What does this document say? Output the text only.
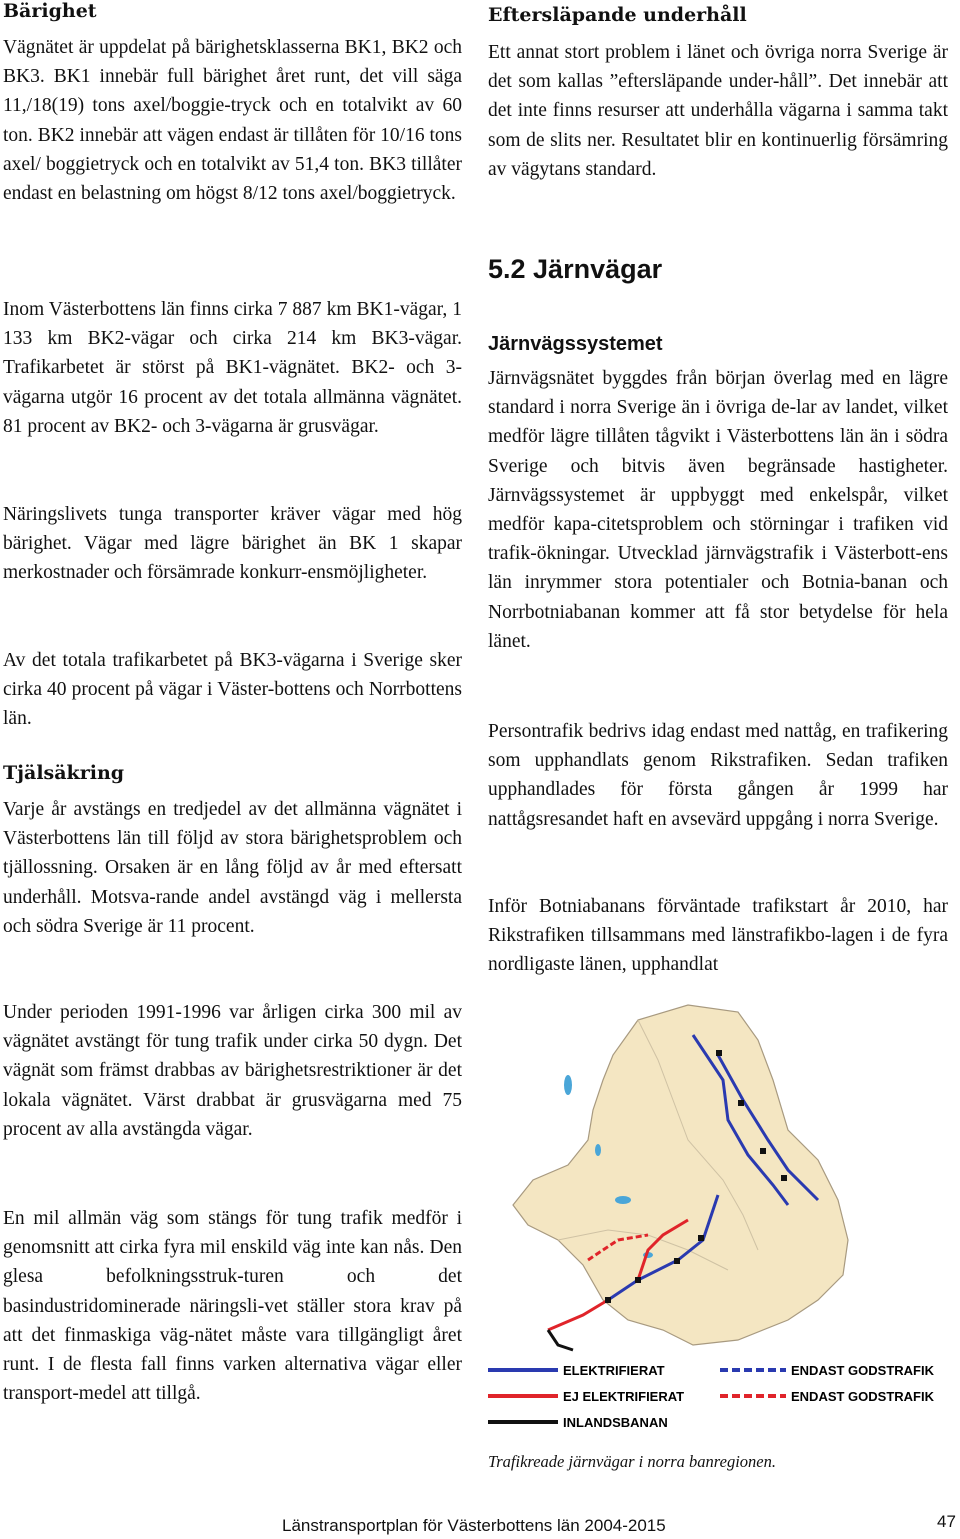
Bärighet

Vägnätet är uppdelat på bärighetsklasserna BK1, BK2 och BK3. BK1 innebär full bärighet året runt, det vill säga 11,/18(19) tons axel/boggie-tryck och en totalvikt av 60 ton. BK2 innebär att vägen endast är tillåten för 10/16 tons axel/ boggietryck och en totalvikt av 51,4 ton. BK3 tillåter endast en belastning om högst 8/12 tons axel/boggietryck.

Inom Västerbottens län finns cirka 7 887 km BK1-vägar, 1 133 km BK2-vägar och cirka 214 km BK3-vägar. Trafikarbetet är störst på BK1-vägnätet. BK2- och 3-vägarna utgör 16 procent av det totala allmänna vägnätet. 81 procent av BK2- och 3-vägarna är grusvägar.

Näringslivets tunga transporter kräver vägar med hög bärighet. Vägar med lägre bärighet än BK 1 skapar merkostnader och försämrade konkurr-ensmöjligheter.

Av det totala trafikarbetet på BK3-vägarna i Sverige sker cirka 40 procent på vägar i Väster-bottens och Norrbottens län.

Tjälsäkring

Varje år avstängs en tredjedel av det allmänna vägnätet i Västerbottens län till följd av stora bärighetsproblem och tjällossning. Orsaken är en lång följd av år med eftersatt underhåll. Motsva-rande andel avstängd väg i mellersta och södra Sverige är 11 procent.

Under perioden 1991-1996 var årligen cirka 300 mil av vägnätet avstängt för tung trafik under cirka 50 dygn. Det vägnät som främst drabbas av bärighetsrestriktioner är det lokala vägnätet. Värst drabbat är grusvägarna med 75 procent av alla avstängda vägar.

En mil allmän väg som stängs för tung trafik medför i genomsnitt att cirka fyra mil enskild väg inte kan nås. Den glesa befolkningsstruk-turen och det basindustridominerade näringsli-vet ställer stora krav på att det finmaskiga väg-nätet måste vara tillgängligt året runt. I de flesta fall finns varken alternativa vägar eller transport-medel att tillgå.

Eftersläpande underhåll

Ett annat stort problem i länet och övriga norra Sverige är det som kallas ”eftersläpande under-håll”. Det innebär att det inte finns resurser att underhålla vägarna i samma takt som de slits ner. Resultatet blir en kontinuerlig försämring av vägytans standard.

5.2 Järnvägar
Järnvägssystemet

Järnvägsnätet byggdes från början överlag med en lägre standard i norra Sverige än i övriga de-lar av landet, vilket medför lägre tillåten tågvikt i Västerbottens län än i södra Sverige och bitvis även begränsade hastigheter. Järnvägssystemet är uppbyggt med enkelspår, vilket medför kapa-citetsproblem och störningar i trafiken vid trafik-ökningar. Utvecklad järnvägstrafik i Västerbott-ens län inrymmer stora potentialer och Botnia-banan och Norrbotniabanan kommer att få stor betydelse för hela länet.

Persontrafik bedrivs idag endast med nattåg, en trafikering som upphandlats genom Rikstrafiken. Sedan trafiken upphandlades för första gången år 1999 har nattågsresandet haft en avsevärd uppgång i norra Sverige.

Inför Botniabanans förväntade trafikstart år 2010, har Rikstrafiken tillsammans med länstrafikbo-lagen i de fyra nordligaste länen, upphandlat

ELEKTRIFIERAT
EJ ELEKTRIFIERAT
INLANDSBANAN
ENDAST GODSTRAFIK
ENDAST GODSTRAFIK

Trafikreade järnvägar i norra banregionen.

Länstransportplan för Västerbottens län 2004-2015	47
